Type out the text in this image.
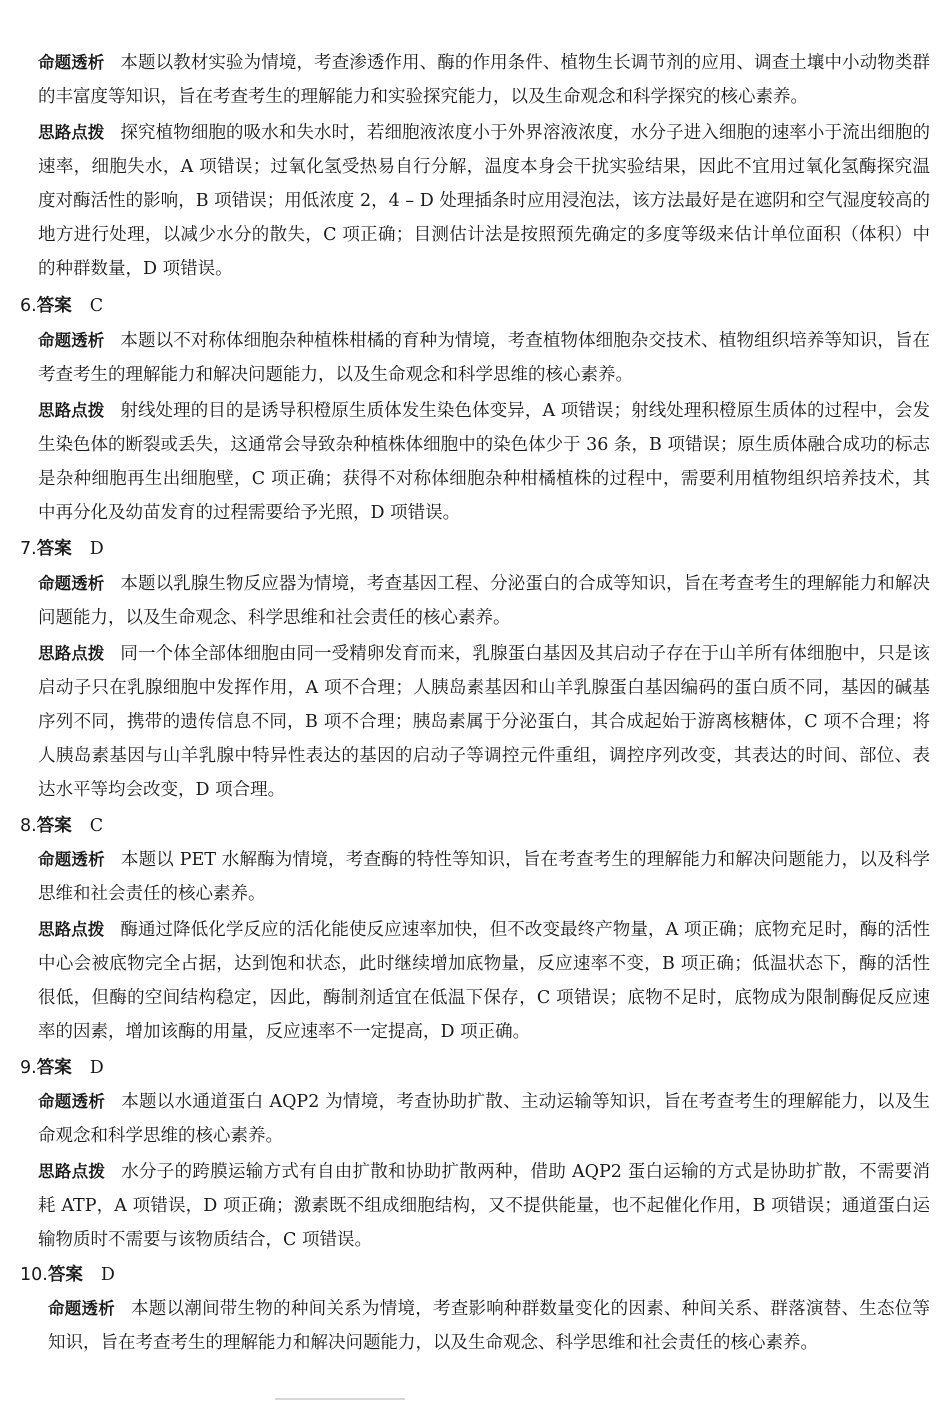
命题透析 本题以教材实验为情境，考查渗透作用、酶的作用条件、植物生长调节剂的应用、调查土壤中小动物类群的丰富度等知识，旨在考查考生的理解能力和实验探究能力，以及生命观念和科学探究的核心素养。

思路点拨 探究植物细胞的吸水和失水时，若细胞液浓度小于外界溶液浓度，水分子进入细胞的速率小于流出细胞的速率，细胞失水，A 项错误；过氧化氢受热易自行分解，温度本身会干扰实验结果，因此不宜用过氧化氢酶探究温度对酶活性的影响，B 项错误；用低浓度 2，4 – D 处理插条时应用浸泡法，该方法最好是在遮阴和空气湿度较高的地方进行处理，以减少水分的散失，C 项正确；目测估计法是按照预先确定的多度等级来估计单位面积（体积）中的种群数量，D 项错误。

6.答案 C

命题透析 本题以不对称体细胞杂种植株柑橘的育种为情境，考查植物体细胞杂交技术、植物组织培养等知识，旨在考查考生的理解能力和解决问题能力，以及生命观念和科学思维的核心素养。

思路点拨 射线处理的目的是诱导积橙原生质体发生染色体变异，A 项错误；射线处理积橙原生质体的过程中，会发生染色体的断裂或丢失，这通常会导致杂种植株体细胞中的染色体少于 36 条，B 项错误；原生质体融合成功的标志是杂种细胞再生出细胞壁，C 项正确；获得不对称体细胞杂种柑橘植株的过程中，需要利用植物组织培养技术，其中再分化及幼苗发育的过程需要给予光照，D 项错误。

7.答案 D

命题透析 本题以乳腺生物反应器为情境，考查基因工程、分泌蛋白的合成等知识，旨在考查考生的理解能力和解决问题能力，以及生命观念、科学思维和社会责任的核心素养。

思路点拨 同一个体全部体细胞由同一受精卵发育而来，乳腺蛋白基因及其启动子存在于山羊所有体细胞中，只是该启动子只在乳腺细胞中发挥作用，A 项不合理；人胰岛素基因和山羊乳腺蛋白基因编码的蛋白质不同，基因的碱基序列不同，携带的遗传信息不同，B 项不合理；胰岛素属于分泌蛋白，其合成起始于游离核糖体，C 项不合理；将人胰岛素基因与山羊乳腺中特异性表达的基因的启动子等调控元件重组，调控序列改变，其表达的时间、部位、表达水平等均会改变，D 项合理。

8.答案 C

命题透析 本题以 PET 水解酶为情境，考查酶的特性等知识，旨在考查考生的理解能力和解决问题能力，以及科学思维和社会责任的核心素养。

思路点拨 酶通过降低化学反应的活化能使反应速率加快，但不改变最终产物量，A 项正确；底物充足时，酶的活性中心会被底物完全占据，达到饱和状态，此时继续增加底物量，反应速率不变，B 项正确；低温状态下，酶的活性很低，但酶的空间结构稳定，因此，酶制剂适宜在低温下保存，C 项错误；底物不足时，底物成为限制酶促反应速率的因素，增加该酶的用量，反应速率不一定提高，D 项正确。

9.答案 D

命题透析 本题以水通道蛋白 AQP2 为情境，考查协助扩散、主动运输等知识，旨在考查考生的理解能力，以及生命观念和科学思维的核心素养。

思路点拨 水分子的跨膜运输方式有自由扩散和协助扩散两种，借助 AQP2 蛋白运输的方式是协助扩散，不需要消耗 ATP，A 项错误，D 项正确；激素既不组成细胞结构，又不提供能量，也不起催化作用，B 项错误；通道蛋白运输物质时不需要与该物质结合，C 项错误。

10.答案 D

命题透析 本题以潮间带生物的种间关系为情境，考查影响种群数量变化的因素、种间关系、群落演替、生态位等知识，旨在考查考生的理解能力和解决问题能力，以及生命观念、科学思维和社会责任的核心素养。
